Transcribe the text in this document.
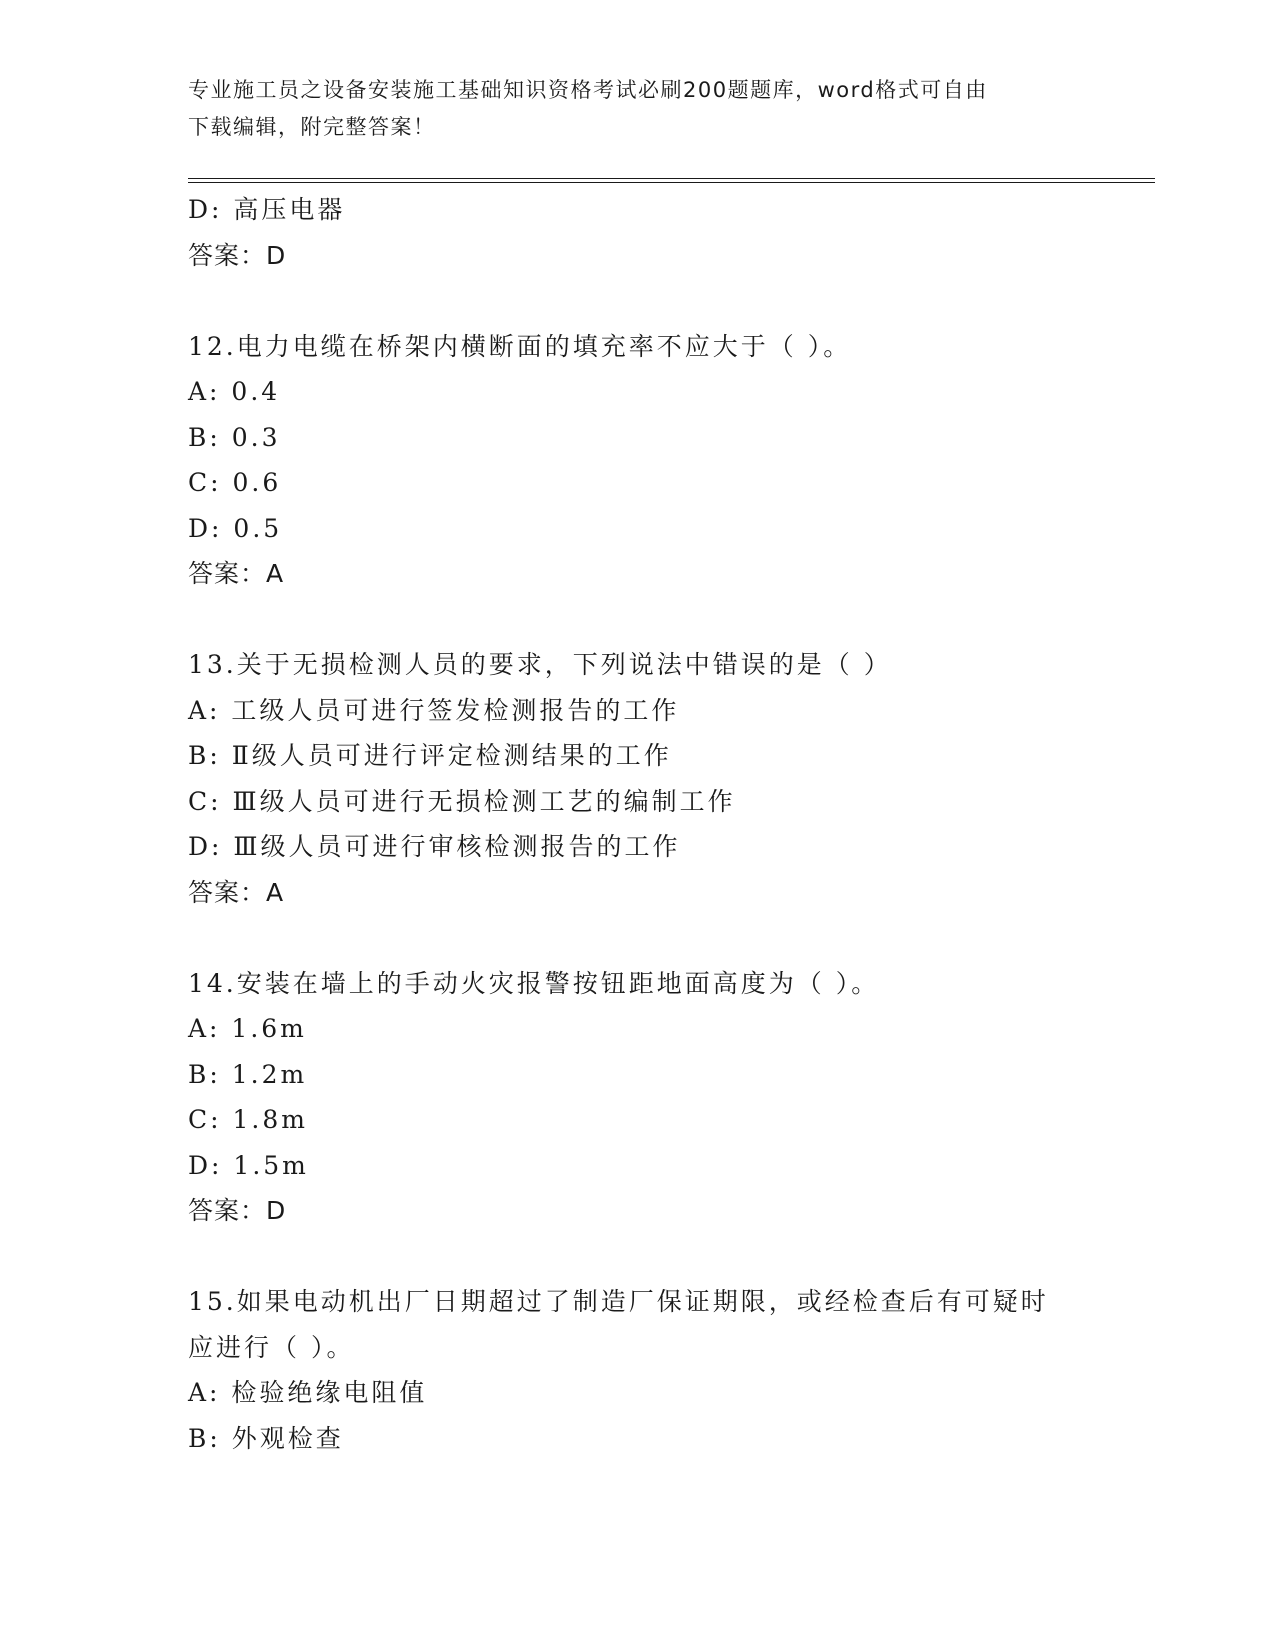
专业施工员之设备安装施工基础知识资格考试必刷200题题库，word格式可自由
下载编辑，附完整答案！
D: 高压电器
答案：D
12.电力电缆在桥架内横断面的填充率不应大于（ ）。
A: 0.4
B: 0.3
C: 0.6
D: 0.5
答案：A
13.关于无损检测人员的要求，下列说法中错误的是（ ）
A: 工级人员可进行签发检测报告的工作
B: Ⅱ级人员可进行评定检测结果的工作
C: Ⅲ级人员可进行无损检测工艺的编制工作
D: Ⅲ级人员可进行审核检测报告的工作
答案：A
14.安装在墙上的手动火灾报警按钮距地面高度为（ ）。
A: 1.6m
B: 1.2m
C: 1.8m
D: 1.5m
答案：D
15.如果电动机出厂日期超过了制造厂保证期限，或经检查后有可疑时
应进行（ ）。
A: 检验绝缘电阻值
B: 外观检查
